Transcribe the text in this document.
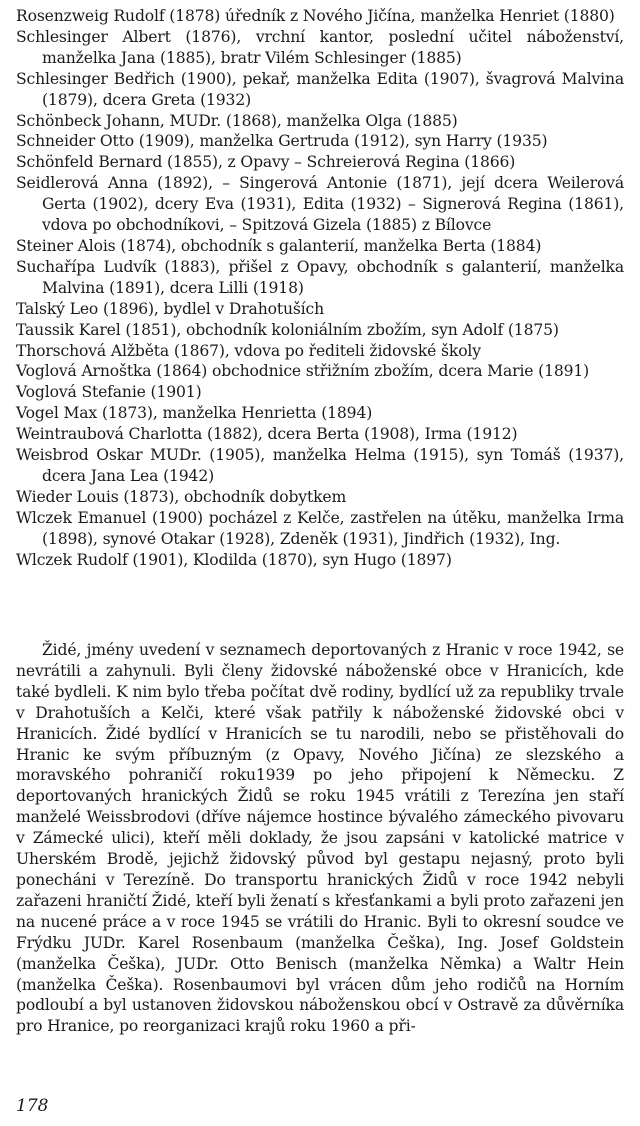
Rosenzweig Rudolf (1878) úředník z Nového Jičína, manželka Henriet (1880)
Schlesinger Albert (1876), vrchní kantor, poslední učitel náboženství, manželka Jana (1885), bratr Vilém Schlesinger (1885)
Schlesinger Bedřich (1900), pekař, manželka Edita (1907), švagrová Malvina (1879), dcera Greta (1932)
Schönbeck Johann, MUDr. (1868), manželka Olga (1885)
Schneider Otto (1909), manželka Gertruda (1912), syn Harry (1935)
Schönfeld Bernard (1855), z Opavy – Schreierová Regina (1866)
Seidlerová Anna (1892), – Singerová Antonie (1871), její dcera Weilerová Gerta (1902), dcery Eva (1931), Edita (1932) – Signerová Regina (1861), vdova po obchodníkovi, – Spitzová Gizela (1885) z Bílovce
Steiner Alois (1874), obchodník s galanterií, manželka Berta (1884)
Suchařípa Ludvík (1883), přišel z Opavy, obchodník s galanterií, manželka Malvina (1891), dcera Lilli (1918)
Talský Leo (1896), bydlel v Drahotuších
Taussik Karel (1851), obchodník koloniálním zbožím, syn Adolf (1875)
Thorschová Alžběta (1867), vdova po řediteli židovské školy
Voglová Arnoštka (1864) obchodnice střižním zbožím, dcera Marie (1891)
Voglová Stefanie (1901)
Vogel Max (1873), manželka Henrietta (1894)
Weintraubová Charlotta (1882), dcera Berta (1908), Irma (1912)
Weisbrod Oskar MUDr. (1905), manželka Helma (1915), syn Tomáš (1937), dcera Jana Lea (1942)
Wieder Louis (1873), obchodník dobytkem
Wlczek Emanuel (1900) pocházel z Kelče, zastřelen na útěku, manželka Irma (1898), synové Otakar (1928), Zdeněk (1931), Jindřich (1932), Ing.
Wlczek Rudolf (1901), Klodilda (1870), syn Hugo (1897)

Židé, jmény uvedení v seznamech deportovaných z Hranic v roce 1942, se nevrátili a zahynuli. Byli členy židovské náboženské obce v Hranicích, kde také bydleli. K nim bylo třeba počítat dvě rodiny, bydlící už za republiky trvale v Drahotuších a Kelči, které však patřily k náboženské židovské obci v Hranicích. Židé bydlící v Hranicích se tu narodili, nebo se přistěhovali do Hranic ke svým příbuzným (z Opavy, Nového Jičína) ze slezského a moravského pohraničí roku1939 po jeho připojení k Německu. Z deportovaných hranických Židů se roku 1945 vrátili z Terezína jen staří manželé Weissbrodovi (dříve nájemce hostince bývalého zámeckého pivovaru v Zámecké ulici), kteří měli doklady, že jsou zapsáni v katolické matrice v Uherském Brodě, jejichž židovský původ byl gestapu nejasný, proto byli ponecháni v Terezíně. Do transportu hranických Židů v roce 1942 nebyli zařazeni hraničtí Židé, kteří byli ženatí s křesťankami a byli proto zařazeni jen na nucené práce a v roce 1945 se vrátili do Hranic. Byli to okresní soudce ve Frýdku JUDr. Karel Rosenbaum (manželka Češka), Ing. Josef Goldstein (manželka Češka), JUDr. Otto Benisch (manželka Němka) a Waltr Hein (manželka Češka). Rosenbaumovi byl vrácen dům jeho rodičů na Horním podloubí a byl ustanoven židovskou náboženskou obcí v Ostravě za důvěrníka pro Hranice, po reorganizaci krajů roku 1960 a při-

178
